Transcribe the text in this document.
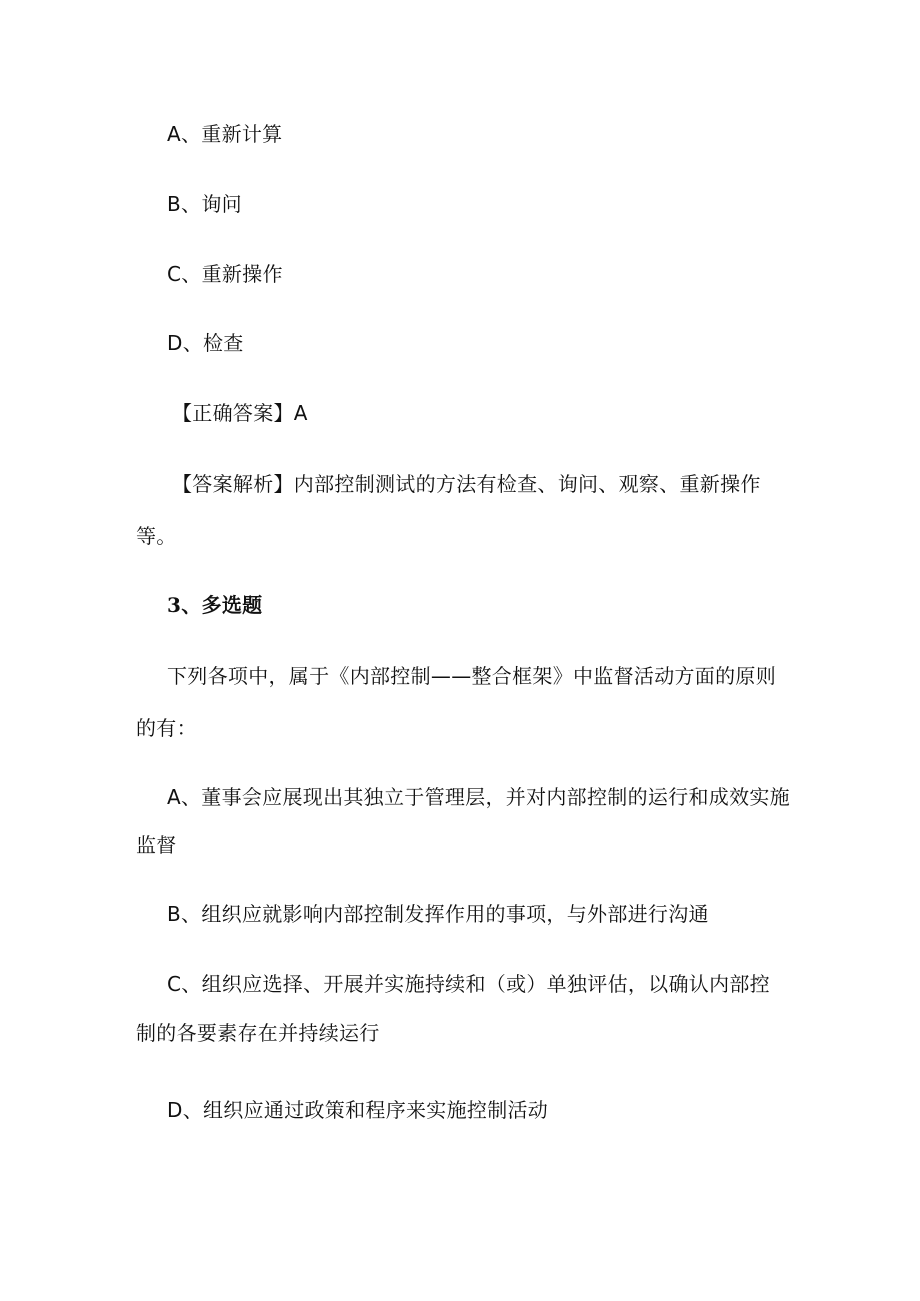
A、重新计算
B、询问
C、重新操作
D、检查
【正确答案】A
【答案解析】内部控制测试的方法有检查、询问、观察、重新操作
等。
3、多选题
下列各项中，属于《内部控制——整合框架》中监督活动方面的原则
的有：
A、董事会应展现出其独立于管理层，并对内部控制的运行和成效实施
监督
B、组织应就影响内部控制发挥作用的事项，与外部进行沟通
C、组织应选择、开展并实施持续和（或）单独评估，以确认内部控
制的各要素存在并持续运行
D、组织应通过政策和程序来实施控制活动
